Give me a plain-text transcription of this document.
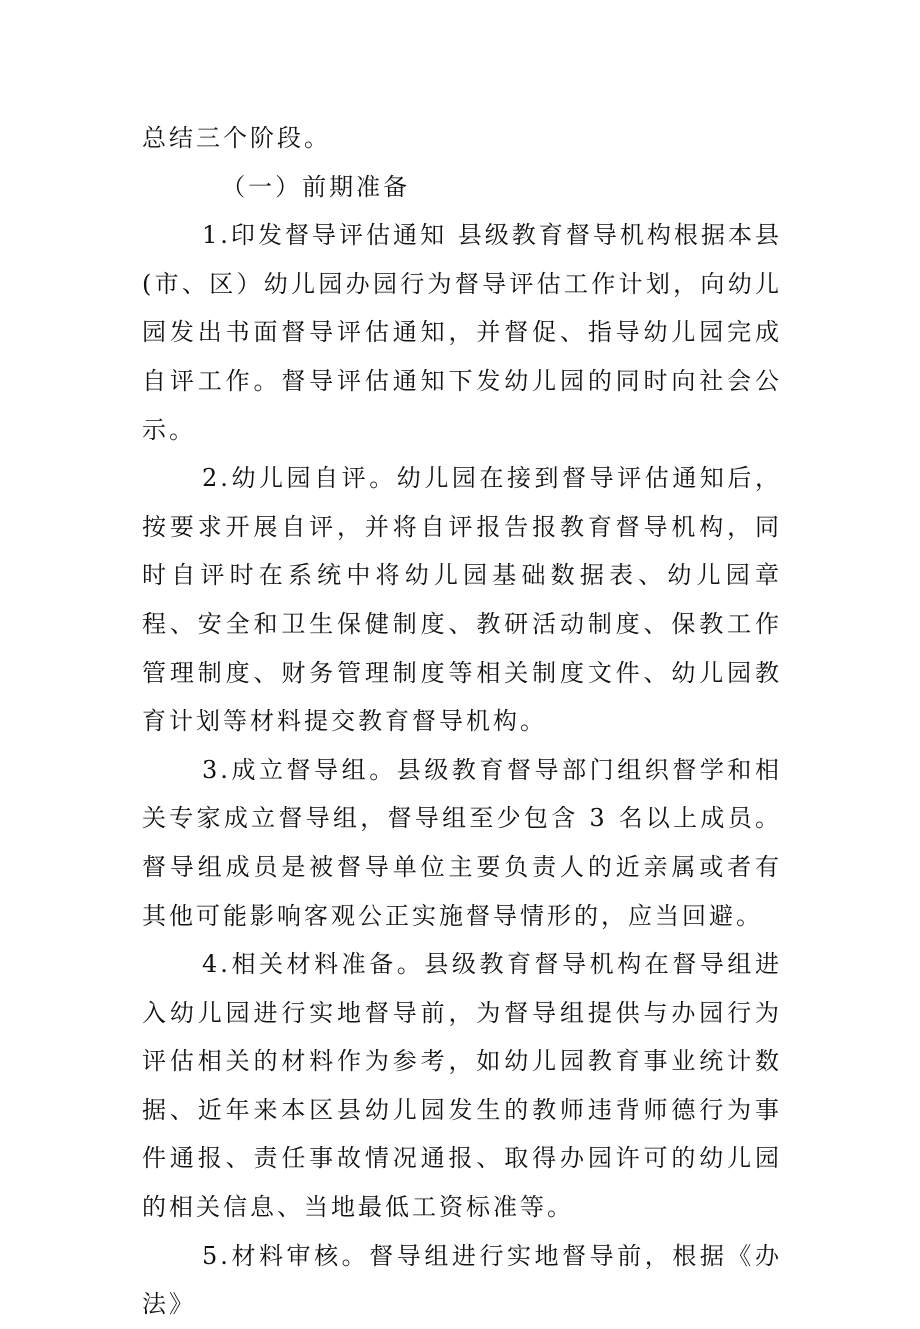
总结三个阶段。

（一）前期准备

1.印发督导评估通知 县级教育督导机构根据本县(市、区）幼儿园办园行为督导评估工作计划，向幼儿园发出书面督导评估通知，并督促、指导幼儿园完成自评工作。督导评估通知下发幼儿园的同时向社会公示。

2.幼儿园自评。幼儿园在接到督导评估通知后，按要求开展自评，并将自评报告报教育督导机构，同时自评时在系统中将幼儿园基础数据表、幼儿园章程、安全和卫生保健制度、教研活动制度、保教工作管理制度、财务管理制度等相关制度文件、幼儿园教育计划等材料提交教育督导机构。

3.成立督导组。县级教育督导部门组织督学和相关专家成立督导组，督导组至少包含 3 名以上成员。督导组成员是被督导单位主要负责人的近亲属或者有其他可能影响客观公正实施督导情形的，应当回避。

4.相关材料准备。县级教育督导机构在督导组进入幼儿园进行实地督导前，为督导组提供与办园行为评估相关的材料作为参考，如幼儿园教育事业统计数据、近年来本区县幼儿园发生的教师违背师德行为事件通报、责任事故情况通报、取得办园许可的幼儿园的相关信息、当地最低工资标准等。

5.材料审核。督导组进行实地督导前，根据《办法》
